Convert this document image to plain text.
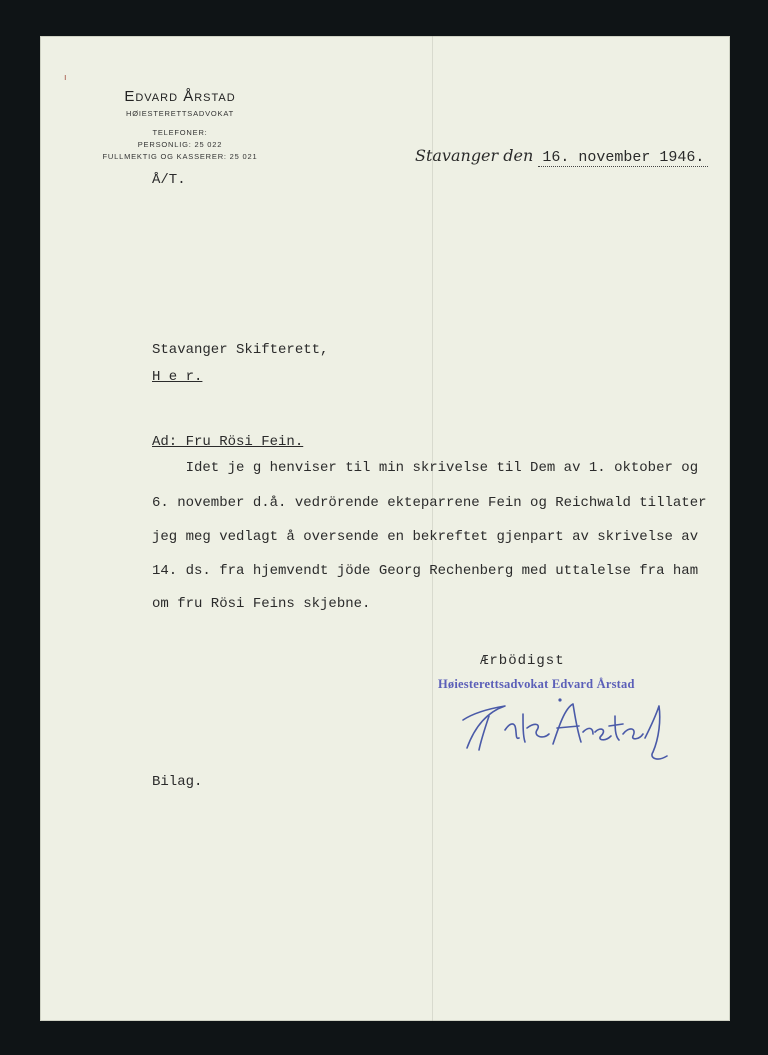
ı
Edvard Årstad
HØIESTERETTSADVOKAT
TELEFONER:
PERSONLIG: 25 022
FULLMEKTIG OG KASSERER: 25 021	Stavanger den 16. november 1946.
Å/T.
Stavanger Skifterett,
H e r.
Ad: Fru Rösi Fein.
Idet je g henviser til min skrivelse til Dem av 1. oktober og
6. november d.å. vedrörende ekteparrene Fein og Reichwald tillater
jeg meg vedlagt å oversende en bekreftet gjenpart av skrivelse av
14. ds. fra hjemvendt jöde Georg Rechenberg med uttalelse fra ham
om fru Rösi Feins skjebne.
Ærbödigst
Høiesterettsadvokat Edvard Årstad
Bilag.
